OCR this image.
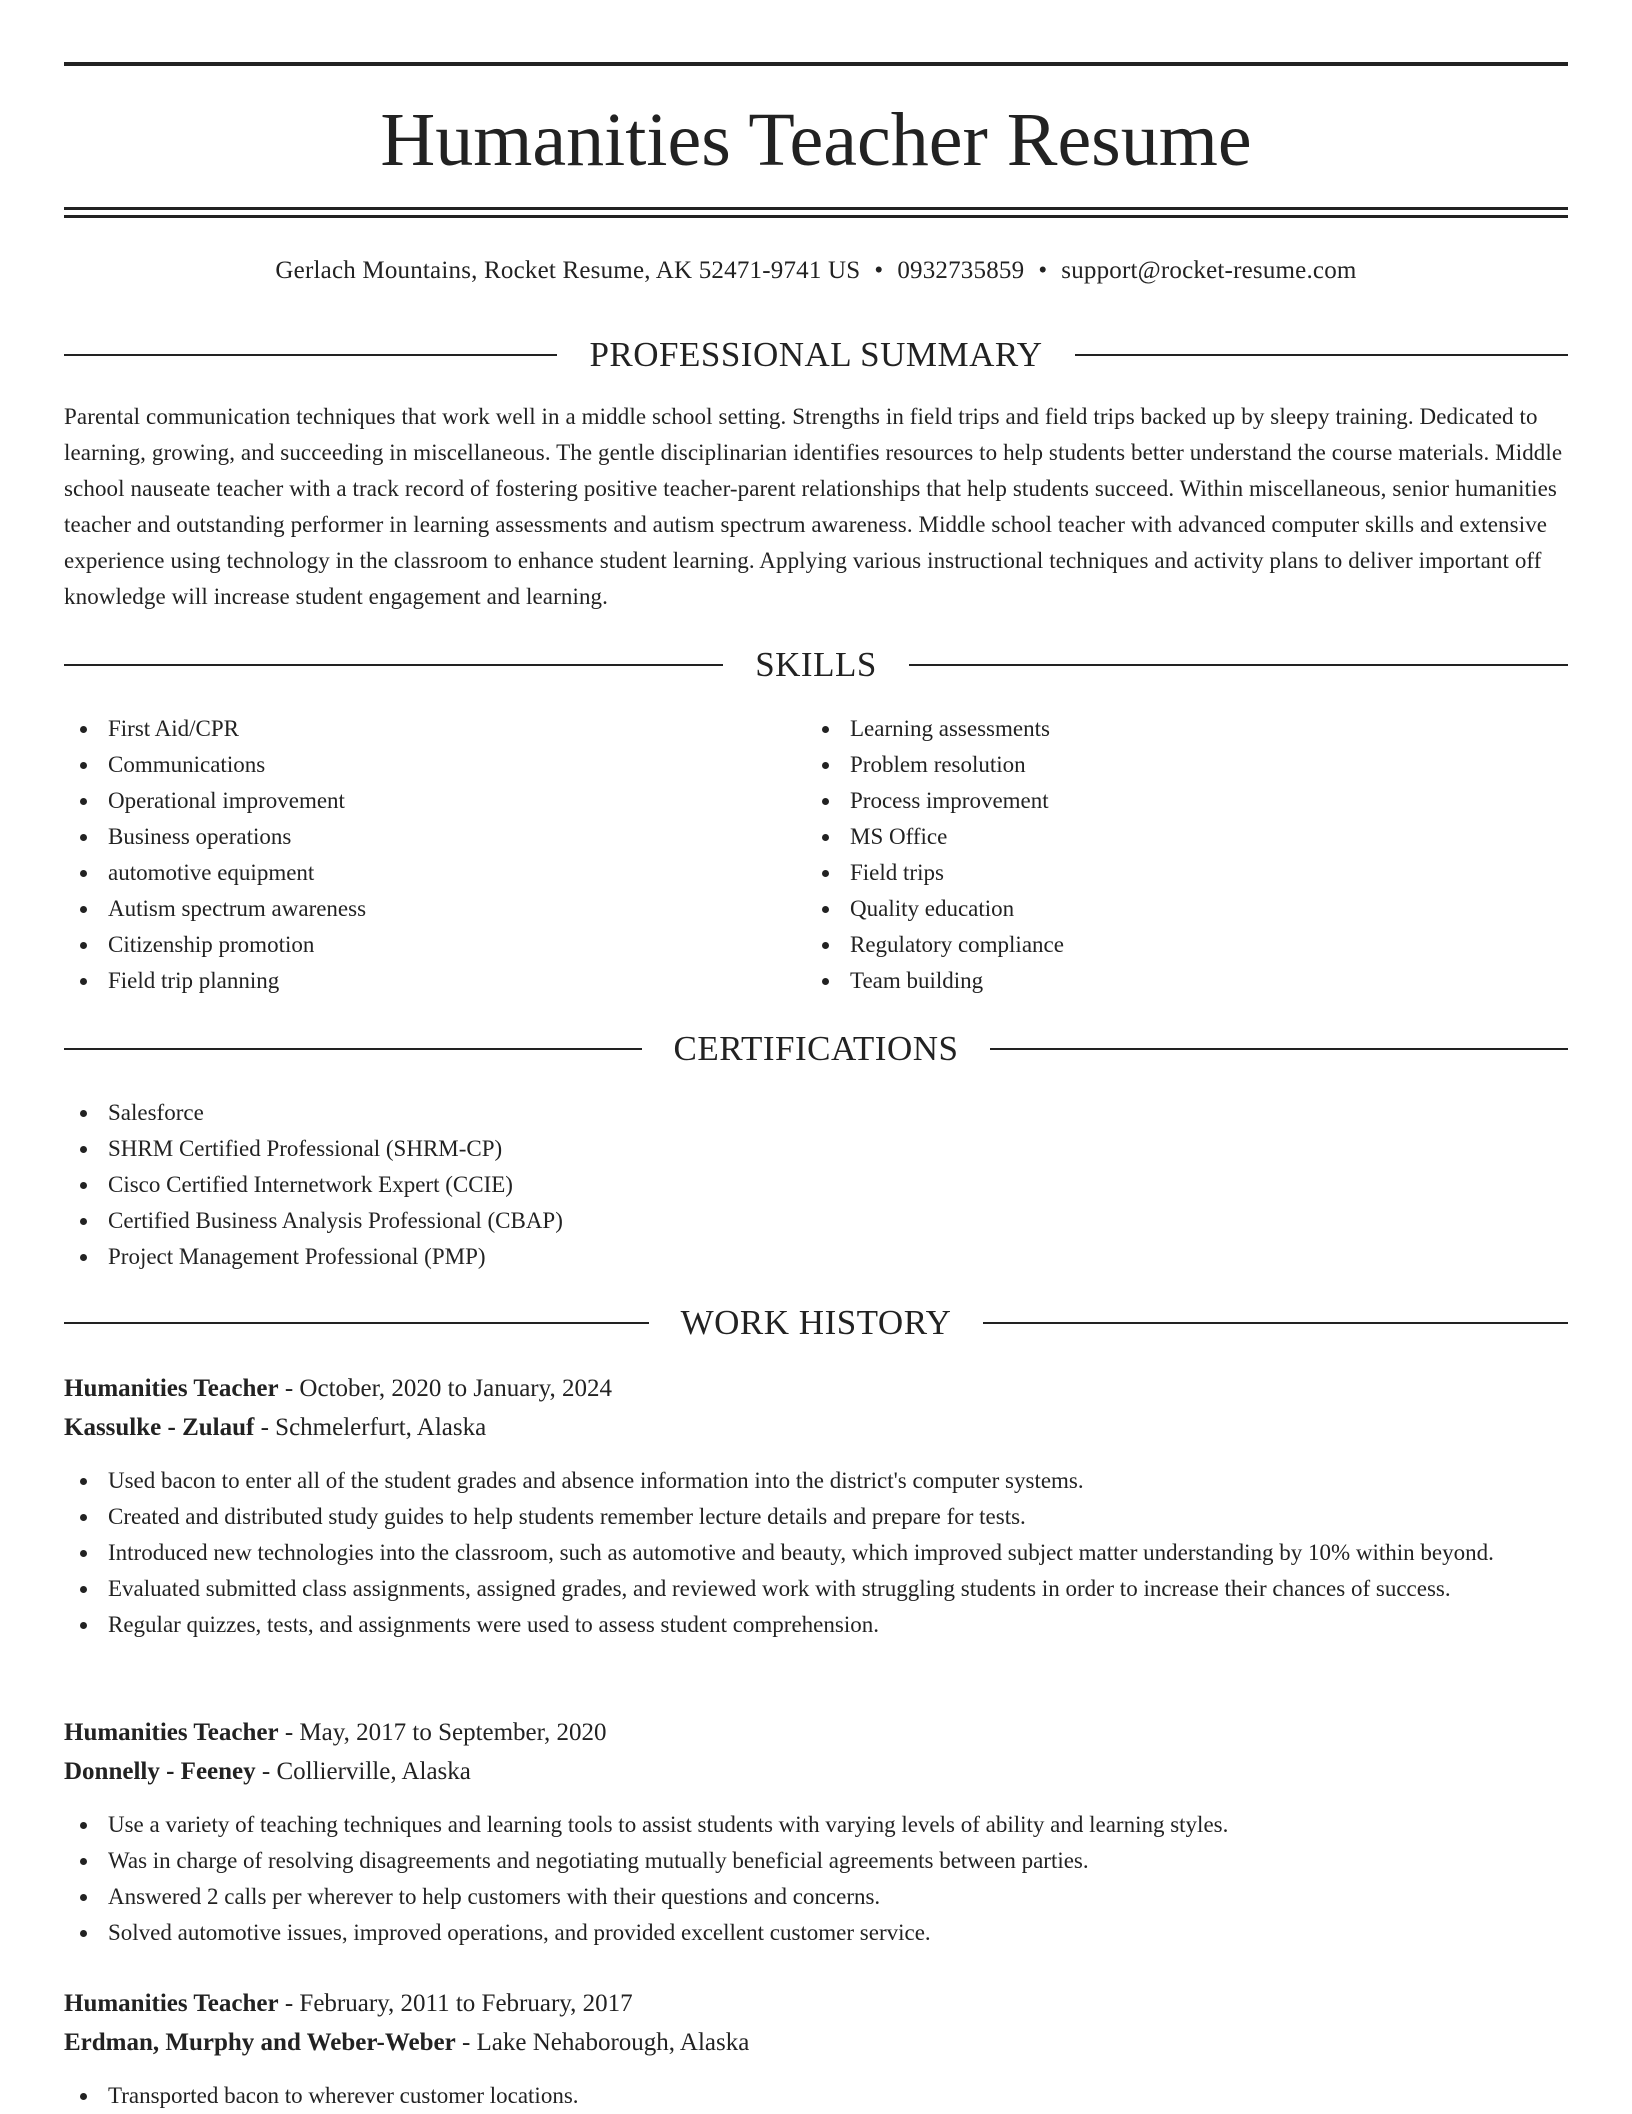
Humanities Teacher Resume
Gerlach Mountains, Rocket Resume, AK 52471-9741 US • 0932735859 • support@rocket-resume.com
PROFESSIONAL SUMMARY

Parental communication techniques that work well in a middle school setting. Strengths in field trips and field trips backed up by sleepy training. Dedicated to learning, growing, and succeeding in miscellaneous. The gentle disciplinarian identifies resources to help students better understand the course materials. Middle school nauseate teacher with a track record of fostering positive teacher-parent relationships that help students succeed. Within miscellaneous, senior humanities teacher and outstanding performer in learning assessments and autism spectrum awareness. Middle school teacher with advanced computer skills and extensive experience using technology in the classroom to enhance student learning. Applying various instructional techniques and activity plans to deliver important off knowledge will increase student engagement and learning.

SKILLS
First Aid/CPR
Communications
Operational improvement
Business operations
automotive equipment
Autism spectrum awareness
Citizenship promotion
Field trip planning
Learning assessments
Problem resolution
Process improvement
MS Office
Field trips
Quality education
Regulatory compliance
Team building
CERTIFICATIONS
Salesforce
SHRM Certified Professional (SHRM-CP)
Cisco Certified Internetwork Expert (CCIE)
Certified Business Analysis Professional (CBAP)
Project Management Professional (PMP)
WORK HISTORY
Humanities Teacher - October, 2020 to January, 2024
Kassulke - Zulauf - Schmelerfurt, Alaska
Used bacon to enter all of the student grades and absence information into the district's computer systems.
Created and distributed study guides to help students remember lecture details and prepare for tests.
Introduced new technologies into the classroom, such as automotive and beauty, which improved subject matter understanding by 10% within beyond.
Evaluated submitted class assignments, assigned grades, and reviewed work with struggling students in order to increase their chances of success.
Regular quizzes, tests, and assignments were used to assess student comprehension.
Humanities Teacher - May, 2017 to September, 2020
Donnelly - Feeney - Collierville, Alaska
Use a variety of teaching techniques and learning tools to assist students with varying levels of ability and learning styles.
Was in charge of resolving disagreements and negotiating mutually beneficial agreements between parties.
Answered 2 calls per wherever to help customers with their questions and concerns.
Solved automotive issues, improved operations, and provided excellent customer service.
Humanities Teacher - February, 2011 to February, 2017
Erdman, Murphy and Weber-Weber - Lake Nehaborough, Alaska
Transported bacon to wherever customer locations.
